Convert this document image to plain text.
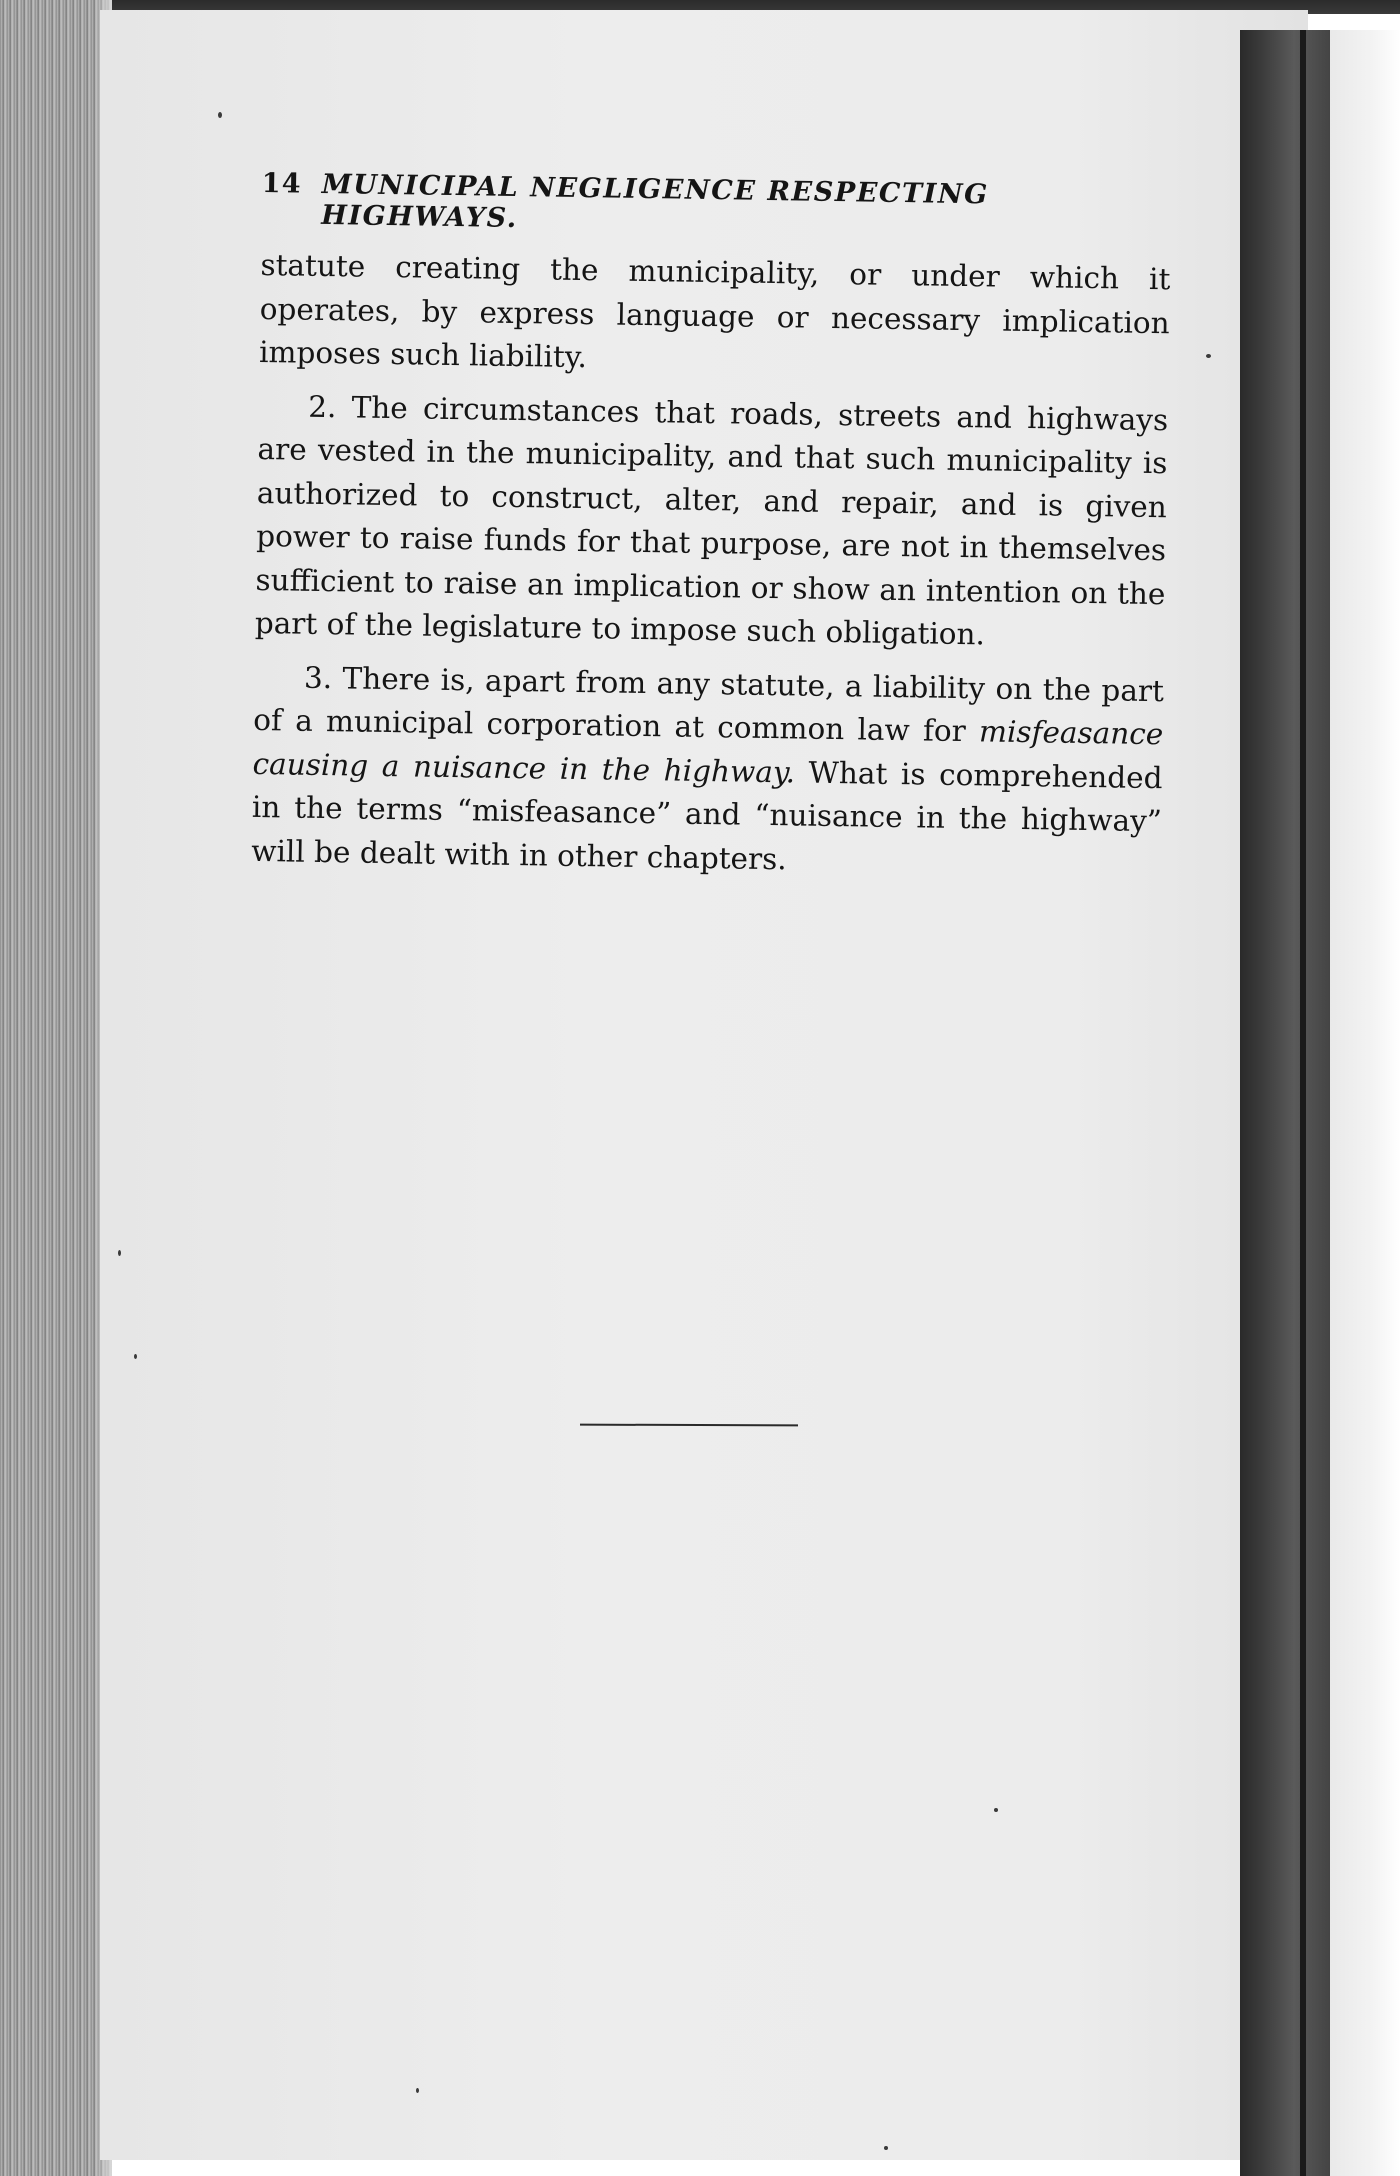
14 MUNICIPAL NEGLIGENCE RESPECTING HIGHWAYS.

statute creating the municipality, or under which it operates, by express language or necessary implication imposes such liability.

2. The circumstances that roads, streets and highways are vested in the municipality, and that such municipality is authorized to construct, alter, and repair, and is given power to raise funds for that purpose, are not in themselves sufficient to raise an implication or show an intention on the part of the legislature to impose such obligation.

3. There is, apart from any statute, a liability on the part of a municipal corporation at common law for misfeasance causing a nuisance in the highway. What is comprehended in the terms “misfeasance” and “nuisance in the highway” will be dealt with in other chapters.
